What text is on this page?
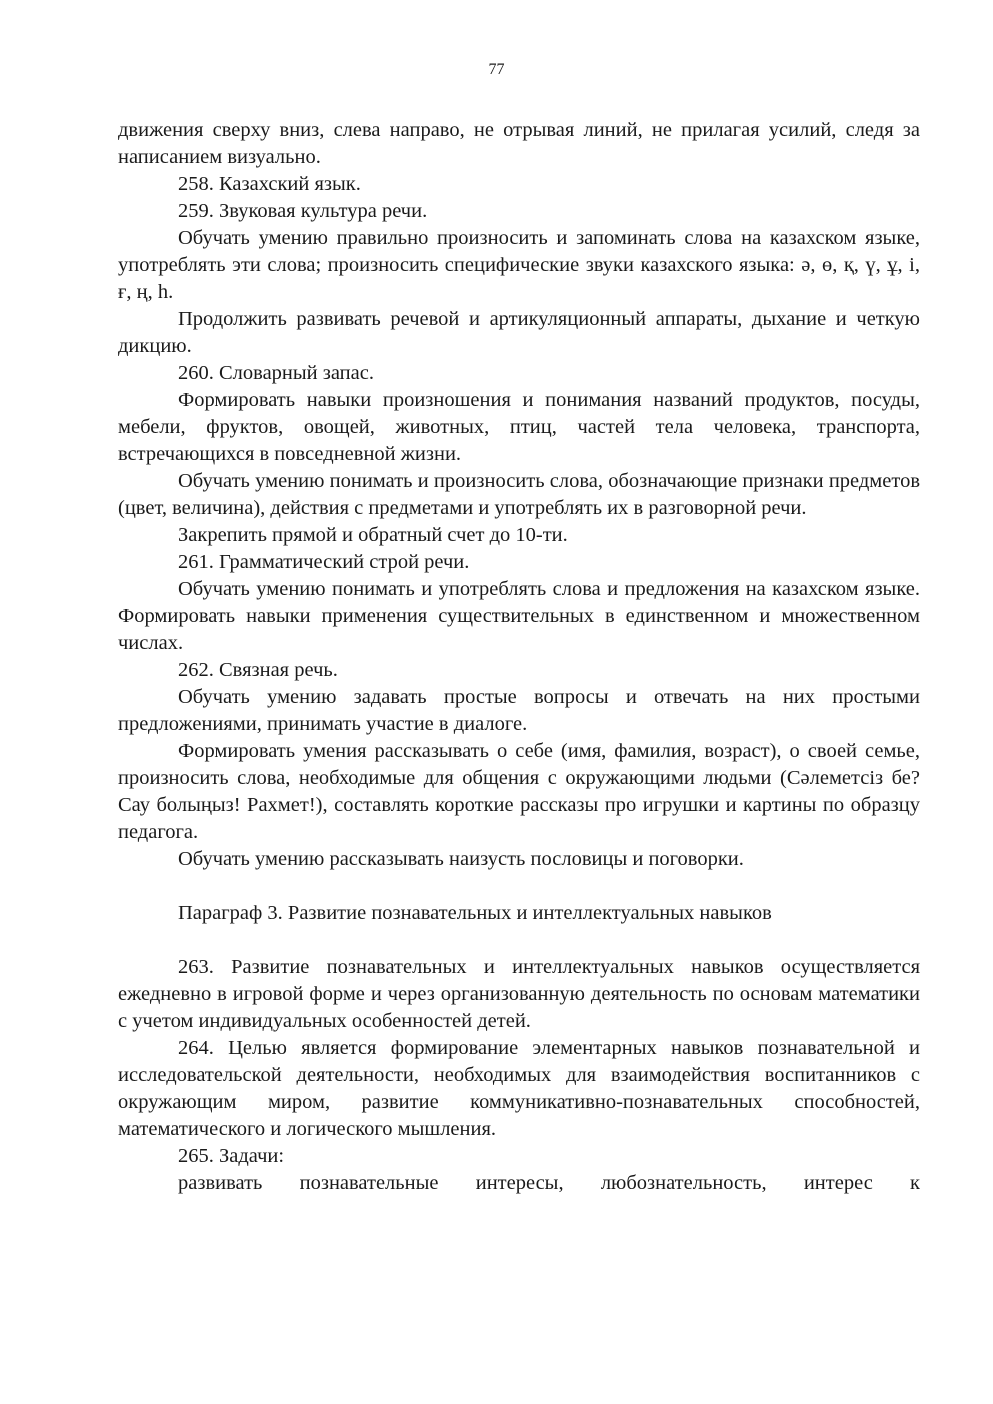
77

движения сверху вниз, слева направо, не отрывая линий, не прилагая усилий, следя за написанием визуально.

258. Казахский язык.

259. Звуковая культура речи.

Обучать умению правильно произносить и запоминать слова на казахском языке, употреблять эти слова; произносить специфические звуки казахского языка: ә, ө, қ, ү, ұ, і, ғ, ң, һ.

Продолжить развивать речевой и артикуляционный аппараты, дыхание и четкую дикцию.

260. Словарный запас.

Формировать навыки произношения и понимания названий продуктов, посуды, мебели, фруктов, овощей, животных, птиц, частей тела человека, транспорта, встречающихся в повседневной жизни.

Обучать умению понимать и произносить слова, обозначающие признаки предметов (цвет, величина), действия с предметами и употреблять их в разговорной речи.

Закрепить прямой и обратный счет до 10-ти.

261. Грамматический строй речи.

Обучать умению понимать и употреблять слова и предложения на казахском языке. Формировать навыки применения существительных в единственном и множественном числах.

262. Связная речь.

Обучать умению задавать простые вопросы и отвечать на них простыми предложениями, принимать участие в диалоге.

Формировать умения рассказывать о себе (имя, фамилия, возраст), о своей семье, произносить слова, необходимые для общения с окружающими людьми (Сәлеметсіз бе? Сау болыңыз! Рахмет!), составлять короткие рассказы про игрушки и картины по образцу педагога.

Обучать умению рассказывать наизусть пословицы и поговорки.

Параграф 3. Развитие познавательных и интеллектуальных навыков

263. Развитие познавательных и интеллектуальных навыков осуществляется ежедневно в игровой форме и через организованную деятельность по основам математики с учетом индивидуальных особенностей детей.

264. Целью является формирование элементарных навыков познавательной и исследовательской деятельности, необходимых для взаимодействия воспитанников с окружающим миром, развитие коммуникативно-познавательных способностей, математического и логического мышления.

265. Задачи:

развивать познавательные интересы, любознательность, интерес к
